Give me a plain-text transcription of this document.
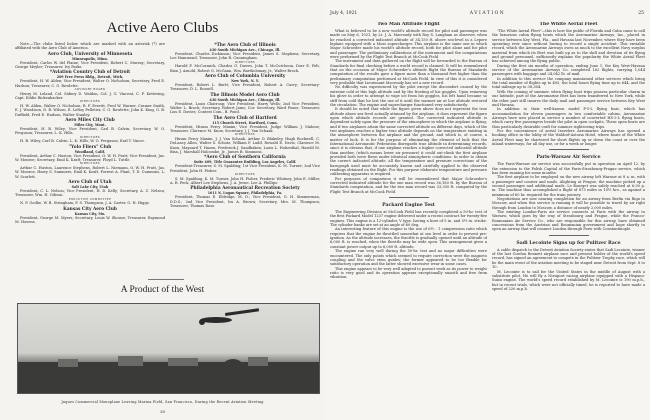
Active Aero Clubs

Note.—The clubs listed below which are marked with an asterisk (*) are affiliated with the Aero Club of America.

Aero Club, University of Minnesota
Minneapolis, Minn.

President, Carlos W. del Plaine; Vice President, Robert C. Murray; Secretary, George Meyler; Treasurer, Ivy Parks.

*Aviation Country Club of Detroit
209 Free Press Bldg., Detroit, Mich.

President, H. W. Alden; Vice President, Walter O. Nicholson; Secretary, Fred E. Hudson; Treasurer, C. G. Rowlette.

ADVISORY BOARD

Henry M. Leland, Col. Sidney D. Waldon, Col. J. G. Vincent, C. F. Kettering, Capt. Eddie Rickenbacker.

DIRECTORS

H. W. Alden, Walter O. Nicholson, R. F. Everitt, Fred W. Warner, Cramer Smith, E. J. Woodison, D. B. Wilson, E. LeRoy Pelletier, C. G. Rowlette, John K. King, G. B. Duffield, Fred E. Hudson, Walter Stanley.

Aero Miles City Club
Miles City, Mont.

President, H. B. Wiley; Vice President, Carl B. Calvin; Secretary, W. O. Ferguson; Treasurer, L. K. Hills.

DIRECTORS

H. B. Wiley, Carl B. Calvin, L. K. Hills, W. O. Ferguson, Earl T. Vance.

"Yolo Fliers" Club
Woodland, Calif.

President, Arthur C. Huston; Vice President, O. W. H. Pratt; Vice President, Jas. W. Monroe; Secretary, Emil K. Kraft; Treasurer, Floyd L. Tuttle.

DIRECTORS

Arthur C. Huston, Laurence Stephens, Robert L. Niemann, O. W. H. Pratt, Jas. W. Monroe, Harry S. Summers, Emil K. Kraft, Forrest A. Plant, T. D. Cummins, L. W. Scarlett.

Aero Club of Utah
Salt Lake City, Utah

President, C. L. Nelson; Vice President, H. D. Kelly; Secretary, A. C. Nelson; Treasurer, Wm. H. Gibson.

EXECUTIVE COMMITTEE

N. F. Godbe, W. B. Stringham, F. S. Thompson, J. A. Carter, G. H. Higgs.

Kansas City Aero Club
Kansas City, Mo.

President, George M. Myers; Secretary, Louis W. Shouse; Treasurer, Raymond M. Havens.

*The Aero Club of Illinois
430 South Michigan Ave., Chicago, Ill.

President, Charles Dickinson; Vice President, James S. Stephens; Secretary, Lee Hammond; Treasurer, John R. Cunningham.

DIRECTORS

Harold F. McCormick, Charles G. Dawes, John T. McCutcheon, Dorr E. Felt, Bion J. Arnold, Robert G. McGann, Wm. Bartholomay, Jr., Walter Brock.

Aero Club of Columbia University
New York, N. Y.

President, Robert L. Burtt; Vice President, Robert A. Curry; Secretary-Treasurer, D. L. Russell.

The Illinois Model Aero Club
430 South Michigan Ave., Chicago, Ill.

President, Louis Chatroop; Vice President, Harry Wells; 2nd Vice President, Walter L. Brock; Secretary, Robert Jams; Cor. Secretary, Ward Pease; Treasurer, Liss E. Davies; Contest Com., B. Pond.

The Aero Club of Hartford
115 Church Street, Hartford, Conn.

President, Hiram Percy Maxim; Vice President, Judge William J. Malone; Treasurer, Clarence M. Knox; Secretary, J. J. Van Schaak.

DIRECTORS

Hiram Percy Maxim, J. J. Van Schaak, Arthur O. Blakeley, Hugh Rockwell, C. DeLancy Allen, Walter S. Schutz, William F. Ladd, Rowald E. Davis, Clarence M. Knox, Maynard T. Hazen, Frederick J. Sandbaken, Louis L. Hohenthal, Harold M. Bisa, J. Marshall Holcombe, Jr., James B. Simmons.

*Aero Club of Southern California
Suite 409, Title Guarantee Building, Los Angeles, Calif.

President-Treasurer, S. M. Spalding; 1st Vice President, K. M. Turner; 2nd Vice President, John H. Fisher.

DIRECTORS

S. M. Spalding, K. M. Turner, John H. Fisher, Frederic Whitney, John E. Miller, A. R. Peck, Albert Lee Stephens, J. A. Jevne, Lee A. Phillips.

Philadelphia Aeronautical Recreation Society
1611 N. Logan Square, Philadelphia, Pa.

President, Thomas E. Eldridge, M. D.; Vice President, G. H. Simmerman, D.D.S.; 2nd Vice President, Ira A. Brown; Secretary, Mrs. M. Thompson; Treasurer, Thomas Rose.

A Product of the West
Jaques Commercial Monoplane Leaving Marina Field, San Francisco, During the Recent Aviation Meeting
30
July 4, 1921	AVIATION	25
Two Man Altitude Flight

What is believed to be a new world's altitude record for pilot and passenger was made on May 6, 1921, by Lt. J. A. Macready with Roy S. Langham as observer, when he reached a corrected indicated altitude of 34,150 ft. above sea-level in a Lepere biplane equipped with a Moss supercharger. This airplane is the same one in which Major Schroeder made his world's altitude record, both for pilot alone and for pilot and passenger. The preliminary calibrations of the instrument and the computations were performed by the Flight Test Branch at McCook Field.

The instrument and data gathered on the flight will be forwarded to the Bureau of Standards for final checking before a world record is claimed. It will be remembered that on the occasion of Major Schroeder's altitude flight the Bureau of Standards computation of the results gave a figure more than a thousand feet higher than the preliminary computation performed at McCook Field. In view of this it is considered very probable that Lieutenant Macready has set a new record.

No difficulty was experienced by the pilot except the discomfort caused by the extreme cold at this high altitude and by the frosting of his goggles. Upon removing his glove in order to attempt to wipe ice from his goggles, his left hand became so stiff from cold that he lost the use of it until the warmer air at low altitude restored the circulation. The engine and supercharger functioned very satisfactorily.

It should be noted that while the figure given above does not represent the true altitude above sea-level actually attained by the airplane, it does represent the figure upon which altitude records are granted. The corrected indicated altitude is dependent solely upon the pressure of the atmosphere in which the airplane is flying, and if two airplanes attain the same corrected altitude on different days, which of the two airplanes reaches a higher true altitude depends on the temperature existing in the atmosphere between the airplane and the ground, and which is, of course, a matter of luck. It is for the purpose of eliminating the element of luck that the International Aeronautic Federation disregards true altitude in determining records, since it is obvious that, if one airplane reaches a higher corrected indicated altitude than another, (which means lower air pressure) it could out-climb the first airplane provided both were flown under identical atmospheric conditions. In order to obtain the correct indicated altitude, all the temperature and pressure corrections of the barograph used must be accurately known and carefully applied to the observed readings obtained on the flight. For this purpose elaborate temperature and pressure calibrating apparatus is required.

For purposes of comparison it will be remembered that Major Schroeder's corrected indicated altitude for the one man record was 36,180 ft. by the Bureau of Standards computation, and for the two man record was 33,350 ft. computed by the Flight Test Branch at McCook Field.

Packard Engine Test

The Engineering Division at McCook Field has recently completed a 50-hr. test of the first Packard Model 1237 engine delivered under a recent contract for twenty-five engines. This engine is a 12-cylinder, V type, having a bore of 5 in. and 5½ in. stroke. The cylinder banks are set at an angle of 60 deg.

An interesting feature of this engine is the use of 6½ : 1 compression ratio which requires that the engine be throttled somewhat at sea level in order to prevent pre-ignition. As the altitude increases, the throttle is gradually opened until an altitude of 6,000 ft. is reached, when the throttle may be wide open. This arrangement gives a constant power output up to 6,000 ft. altitude.

The engine ran very well during the 50-hr. test and no major difficulties were encountered. The only points which seemed to require correction were the magneto coupling and the valve stem guides; the former appeared to be too flexible for satisfactory operation and the latter showed excessive wear in some cases.

This engine appears to be very well adapted to pursuit work as its power to weight ratio is very good and its operation appears exceptionally smooth and free from vibration.

The White Aerial Fleet

"The White Aerial Fleet"—this is how the public of Florida and Cuba came to call the luxurious cabin flying boats which the Aeromarine Airways, Inc., placed in service between Key West, Fla., and Havana last November, where they have been operating ever since without having to record a single accident. This enviable record, which the Aeromarine Airways owes as much to the excellent Navy surplus material from which its fleet was built up as to the skill and devotion of its flying and ground personnel, sufficiently explains the popularity the White Aerial Fleet has achieved among the flying public.

During the first six months of operation, ending June 1, the Key West-Havana service of the Aeromarine Airways Co. completed 162 flights, carrying 1,044 passengers with baggage and 24,042 lb. of mail.

In addition to this service the company maintained other services which bring the total number of flights up to 405, the total hours flying time up to 644, and the total mileage up to 38,364.

With the coming of summer, when flying boat trips possess particular charm in our latitude, part of the Aeromarine fleet has been transferred to New York, while the other part still insures the daily mail and passenger service between Key West and Havana.

In addition to their well-known model F-5-L flying boat, which has accommodation for eleven passengers in two comfortable cabins, Aeromarine Airways have now placed in service a number of converted HS-2-L flying boats, which carry five passengers beside the pilot in open cockpits. These open boats are thus particularly desirable craft for summer sightseeing trips.

For the convenience of aerial travelers Aeromarine Airways has opened a booking office in the lobby of the Waldorf-Astoria Hotel, where boats of the White Aerial Fleet may be chartered for short flights up or down the coast or over the inland waterways, for all day use, or for a week or longer.

Paris-Warsaw Air Service

The Paris-Warsaw air service was successfully put in operation on April 12, by the extension to the Polish Capital of the Paris-Strasbourg-Prague service, which has been running for some months.

The first airplane to be employed on the new airway left Warsaw at 8 a. m. with a passenger and courier and mails. Alighting at Prague, the machine picked up a second passenger and additional mails. Le Bourget was safely reached at 6:30 p. m. The machine thus accomplished a flight of 875 miles in 10½ hrs., as against a minimum of 60 hr. required for the train journey.

Negotiations are now nearing completion for an airway from Berlin via Riga to Moscow, and when this service is running it will be possible to travel by air right through from London to Moscow, a distance of nearly 2,000 miles.

The existing London-Paris air service connects at Paris with the airway to Warsaw, which goes by the way of Strasbourg and Prague, while the Franco-Roumanian Air Service Co., who are responsible for this airway, have obtained concessions from the Austrian and Roumanian government and hope shortly to open an airway that will connect London through Paris with Constantinople.

Sadi Lecointe Signs up for Pulitzer Race

A cable dispatch to the Detroit Aviation Society states that Sadi Lecointe, winner of the last Gordon Bennett airplane race and present holder of the world's speed record, has signed an agreement to compete in the Pulitzer Trophy race, which will be the main event of the aviation meeting to be staged near Detroit from Sept. 8 to 10.

M. Lecointe is to sail for the United States in the middle of August with a substitute pilot. He will fly a Nieuport racing airplane equipped with a Hispano-Suiza engine. The world's speed record established by M. Lecointe is 190 m.p.h., but in recent trials, which were not officially timed, he is reported to have made a speed of 220 m.p.h.
